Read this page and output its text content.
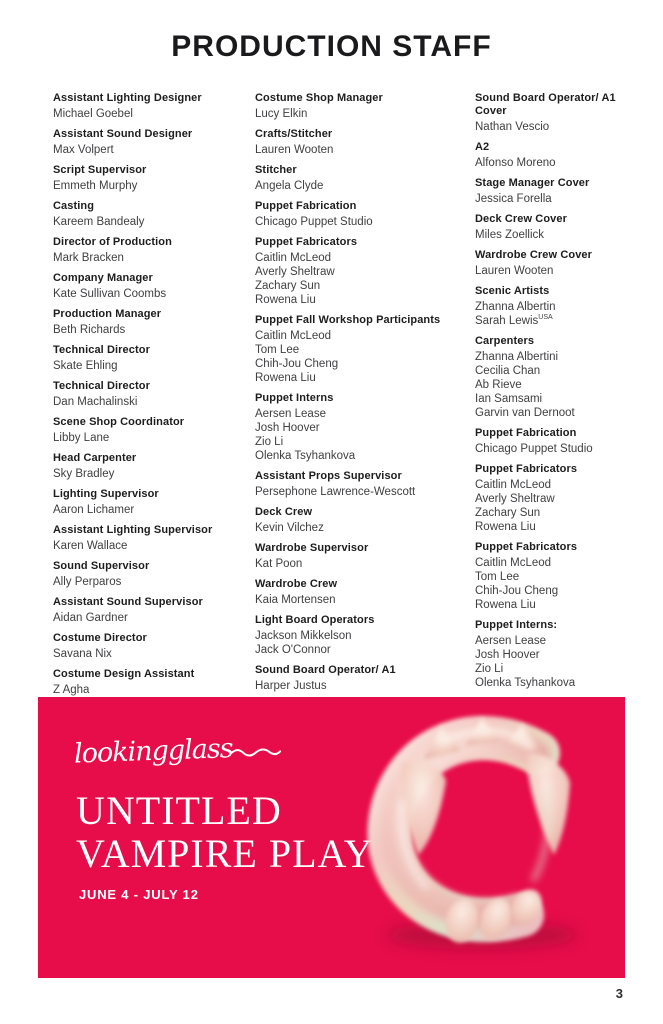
PRODUCTION STAFF
Assistant Lighting Designer
Michael Goebel
Assistant Sound Designer
Max Volpert
Script Supervisor
Emmeth Murphy
Casting
Kareem Bandealy
Director of Production
Mark Bracken
Company Manager
Kate Sullivan Coombs
Production Manager
Beth Richards
Technical Director
Skate Ehling
Technical Director
Dan Machalinski
Scene Shop Coordinator
Libby Lane
Head Carpenter
Sky Bradley
Lighting Supervisor
Aaron Lichamer
Assistant Lighting Supervisor
Karen Wallace
Sound Supervisor
Ally Perparos
Assistant Sound Supervisor
Aidan Gardner
Costume Director
Savana Nix
Costume Design Assistant
Z Agha
Costume Shop Manager
Lucy Elkin
Crafts/Stitcher
Lauren Wooten
Stitcher
Angela Clyde
Puppet Fabrication
Chicago Puppet Studio
Puppet Fabricators
Caitlin McLeod
Averly Sheltraw
Zachary Sun
Rowena Liu
Puppet Fall Workshop Participants
Caitlin McLeod
Tom Lee
Chih-Jou Cheng
Rowena Liu
Puppet Interns
Aersen Lease
Josh Hoover
Zio Li
Olenka Tsyhankova
Assistant Props Supervisor
Persephone Lawrence-Wescott
Deck Crew
Kevin Vilchez
Wardrobe Supervisor
Kat Poon
Wardrobe Crew
Kaia Mortensen
Light Board Operators
Jackson Mikkelson
Jack O'Connor
Sound Board Operator/ A1
Harper Justus
Sound Board Operator/ A1 Cover
Nathan Vescio
A2
Alfonso Moreno
Stage Manager Cover
Jessica Forella
Deck Crew Cover
Miles Zoellick
Wardrobe Crew Cover
Lauren Wooten
Scenic Artists
Zhanna Albertin
Sarah Lewis$^{USA}$
Carpenters
Zhanna Albertini
Cecilia Chan
Ab Rieve
Ian Samsami
Garvin van Dernoot
Puppet Fabrication
Chicago Puppet Studio
Puppet Fabricators
Caitlin McLeod
Averly Sheltraw
Zachary Sun
Rowena Liu
Puppet Fabricators
Caitlin McLeod
Tom Lee
Chih-Jou Cheng
Rowena Liu
Puppet Interns:
Aersen Lease
Josh Hoover
Zio Li
Olenka Tsyhankova
lookingglass
UNTITLED
VAMPIRE PLAY
JUNE 4 - JULY 12
3
